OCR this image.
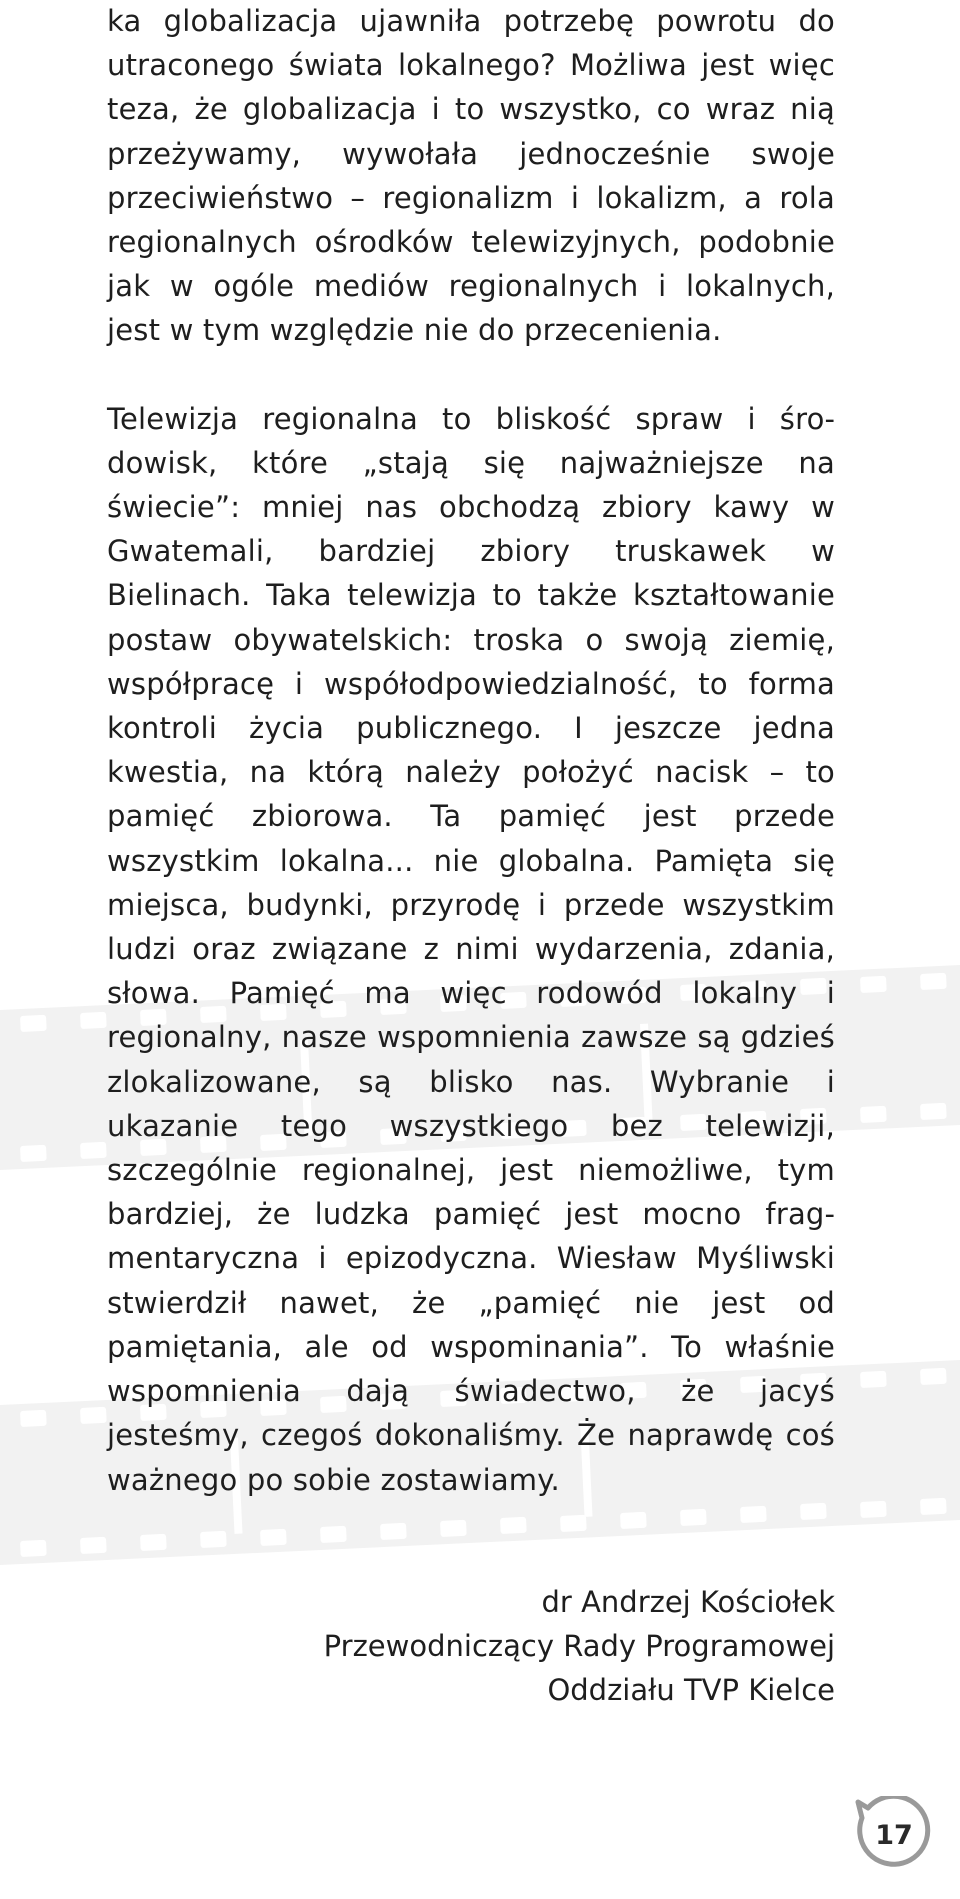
ka globalizacja ujawniła potrzebę powrotu do utraconego świata lokalnego? Możliwa jest więc teza, że globalizacja i to wszystko, co wraz nią przeżywamy, wywołała jednocześnie swoje przeciwieństwo – regionalizm i lokalizm, a rola regionalnych ośrodków telewizyjnych, podobnie jak w ogóle mediów regionalnych i lokalnych, jest w tym względzie nie do przecenienia.

Telewizja regionalna to bliskość spraw i środowisk, które „stają się najważniejsze na świecie”: mniej nas obchodzą zbiory kawy w Gwatemali, bardziej zbiory truskawek w Bielinach. Taka telewizja to także kształtowanie postaw obywatelskich: troska o swoją ziemię, współpracę i współodpowiedzialność, to forma kontroli życia publicznego. I jeszcze jedna kwestia, na którą należy położyć nacisk – to pamięć zbiorowa. Ta pamięć jest przede wszystkim lokalna... nie globalna. Pamięta się miejsca, budynki, przyrodę i przede wszystkim ludzi oraz związane z nimi wydarzenia, zdania, słowa. Pamięć ma więc rodowód lokalny i regionalny, nasze wspomnienia zawsze są gdzieś zlokalizowane, są blisko nas. Wybranie i ukazanie tego wszystkiego bez telewizji, szczególnie regionalnej, jest niemożliwe, tym bardziej, że ludzka pamięć jest mocno fragmentaryczna i epizodyczna. Wiesław Myśliwski stwierdził nawet, że „pamięć nie jest od pamiętania, ale od wspominania”. To właśnie wspomnienia dają świadectwo, że jacyś jesteśmy, czegoś dokonaliśmy. Że naprawdę coś ważnego po sobie zostawiamy.

dr Andrzej Kościołek
Przewodniczący Rady Programowej
Oddziału TVP Kielce
17
